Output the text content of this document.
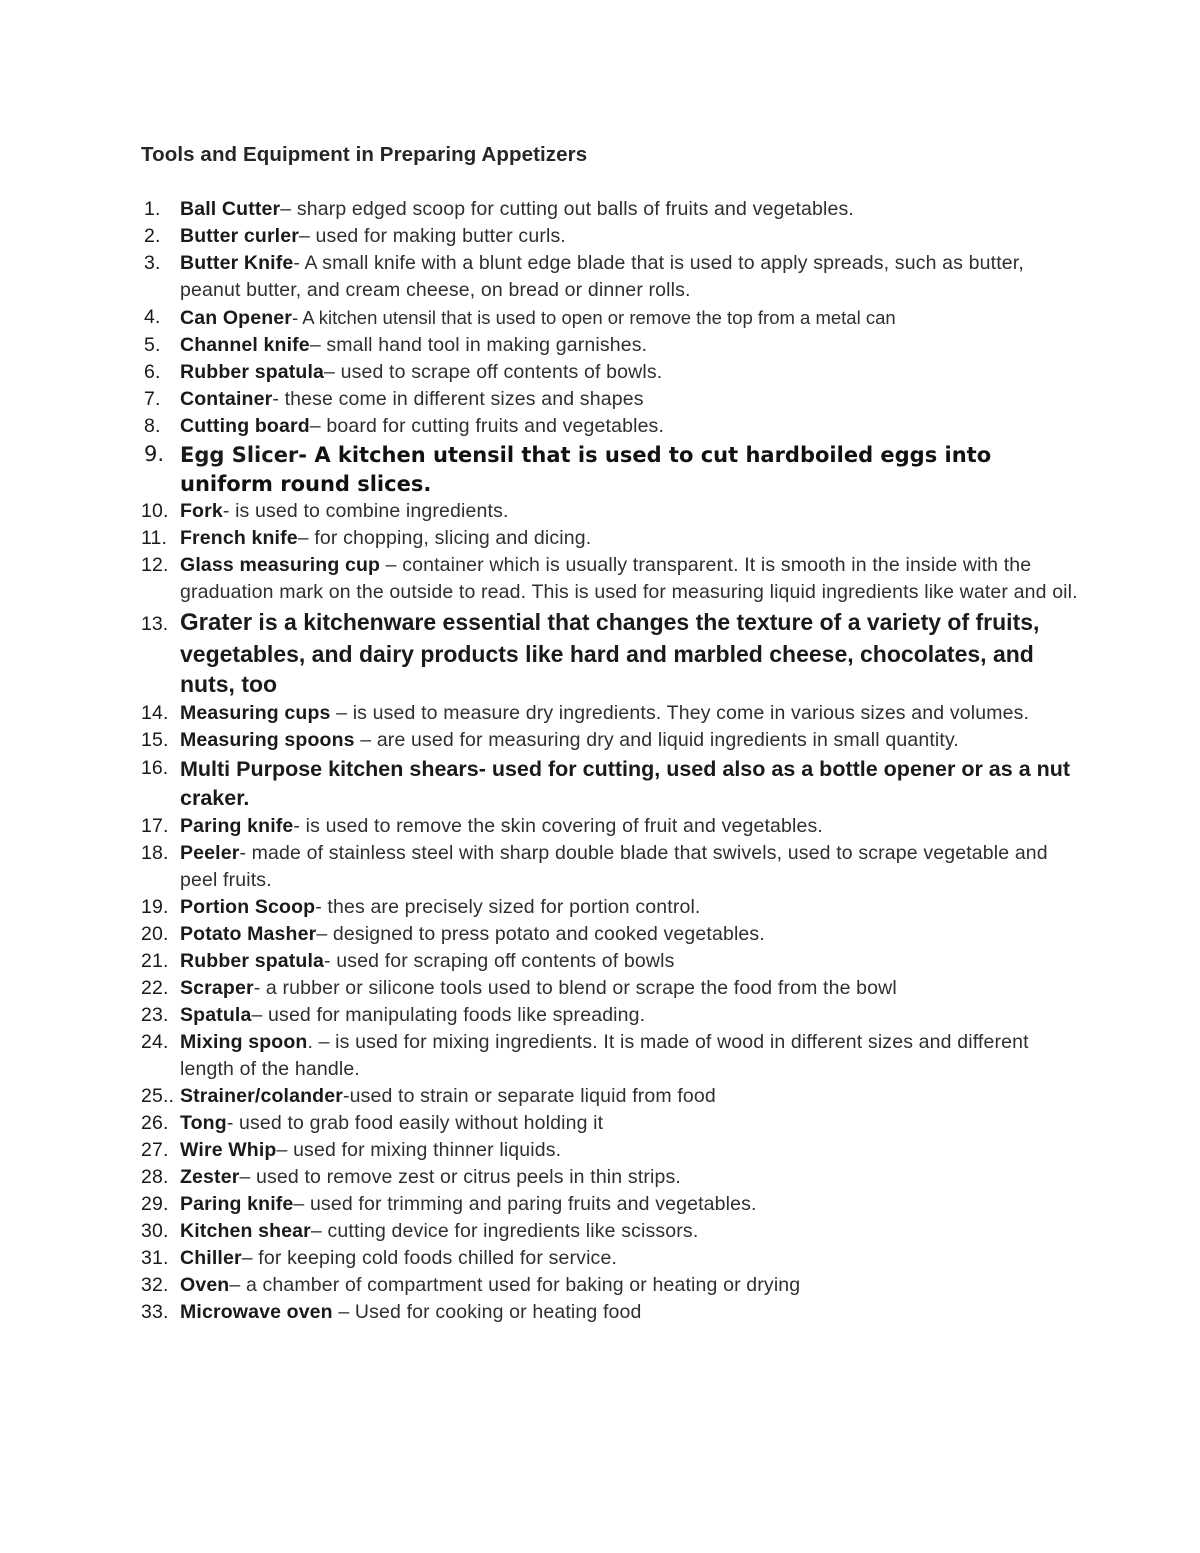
Tools and Equipment in Preparing Appetizers
1. Ball Cutter– sharp edged scoop for cutting out balls of fruits and vegetables.
2. Butter curler– used for making butter curls.
3. Butter Knife- A small knife with a blunt edge blade that is used to apply spreads, such as butter, peanut butter, and cream cheese, on bread or dinner rolls.
4. Can Opener- A kitchen utensil that is used to open or remove the top from a metal can
5. Channel knife– small hand tool in making garnishes.
6. Rubber spatula– used to scrape off contents of bowls.
7. Container- these come in different sizes and shapes
8. Cutting board– board for cutting fruits and vegetables.
9. Egg Slicer- A kitchen utensil that is used to cut hardboiled eggs into uniform round slices.
10. Fork- is used to combine ingredients.
11. French knife– for chopping, slicing and dicing.
12. Glass measuring cup – container which is usually transparent. It is smooth in the inside with the graduation mark on the outside to read. This is used for measuring liquid ingredients like water and oil.
13. Grater is a kitchenware essential that changes the texture of a variety of fruits, vegetables, and dairy products like hard and marbled cheese, chocolates, and nuts, too
14. Measuring cups – is used to measure dry ingredients. They come in various sizes and volumes.
15. Measuring spoons – are used for measuring dry and liquid ingredients in small quantity.
16. Multi Purpose kitchen shears- used for cutting, used also as a bottle opener or as a nut craker.
17. Paring knife- is used to remove the skin covering of fruit and vegetables.
18. Peeler- made of stainless steel with sharp double blade that swivels, used to scrape vegetable and peel fruits.
19. Portion Scoop- thes are precisely sized for portion control.
20. Potato Masher– designed to press potato and cooked vegetables.
21. Rubber spatula- used for scraping off contents of bowls
22. Scraper- a rubber or silicone tools used to blend or scrape the food from the bowl
23. Spatula– used for manipulating foods like spreading.
24. Mixing spoon. – is used for mixing ingredients. It is made of wood in different sizes and different length of the handle.
25.. Strainer/colander-used to strain or separate liquid from food
26. Tong- used to grab food easily without holding it
27. Wire Whip– used for mixing thinner liquids.
28. Zester– used to remove zest or citrus peels in thin strips.
29. Paring knife– used for trimming and paring fruits and vegetables.
30. Kitchen shear– cutting device for ingredients like scissors.
31. Chiller– for keeping cold foods chilled for service.
32. Oven– a chamber of compartment used for baking or heating or drying
33. Microwave oven – Used for cooking or heating food
